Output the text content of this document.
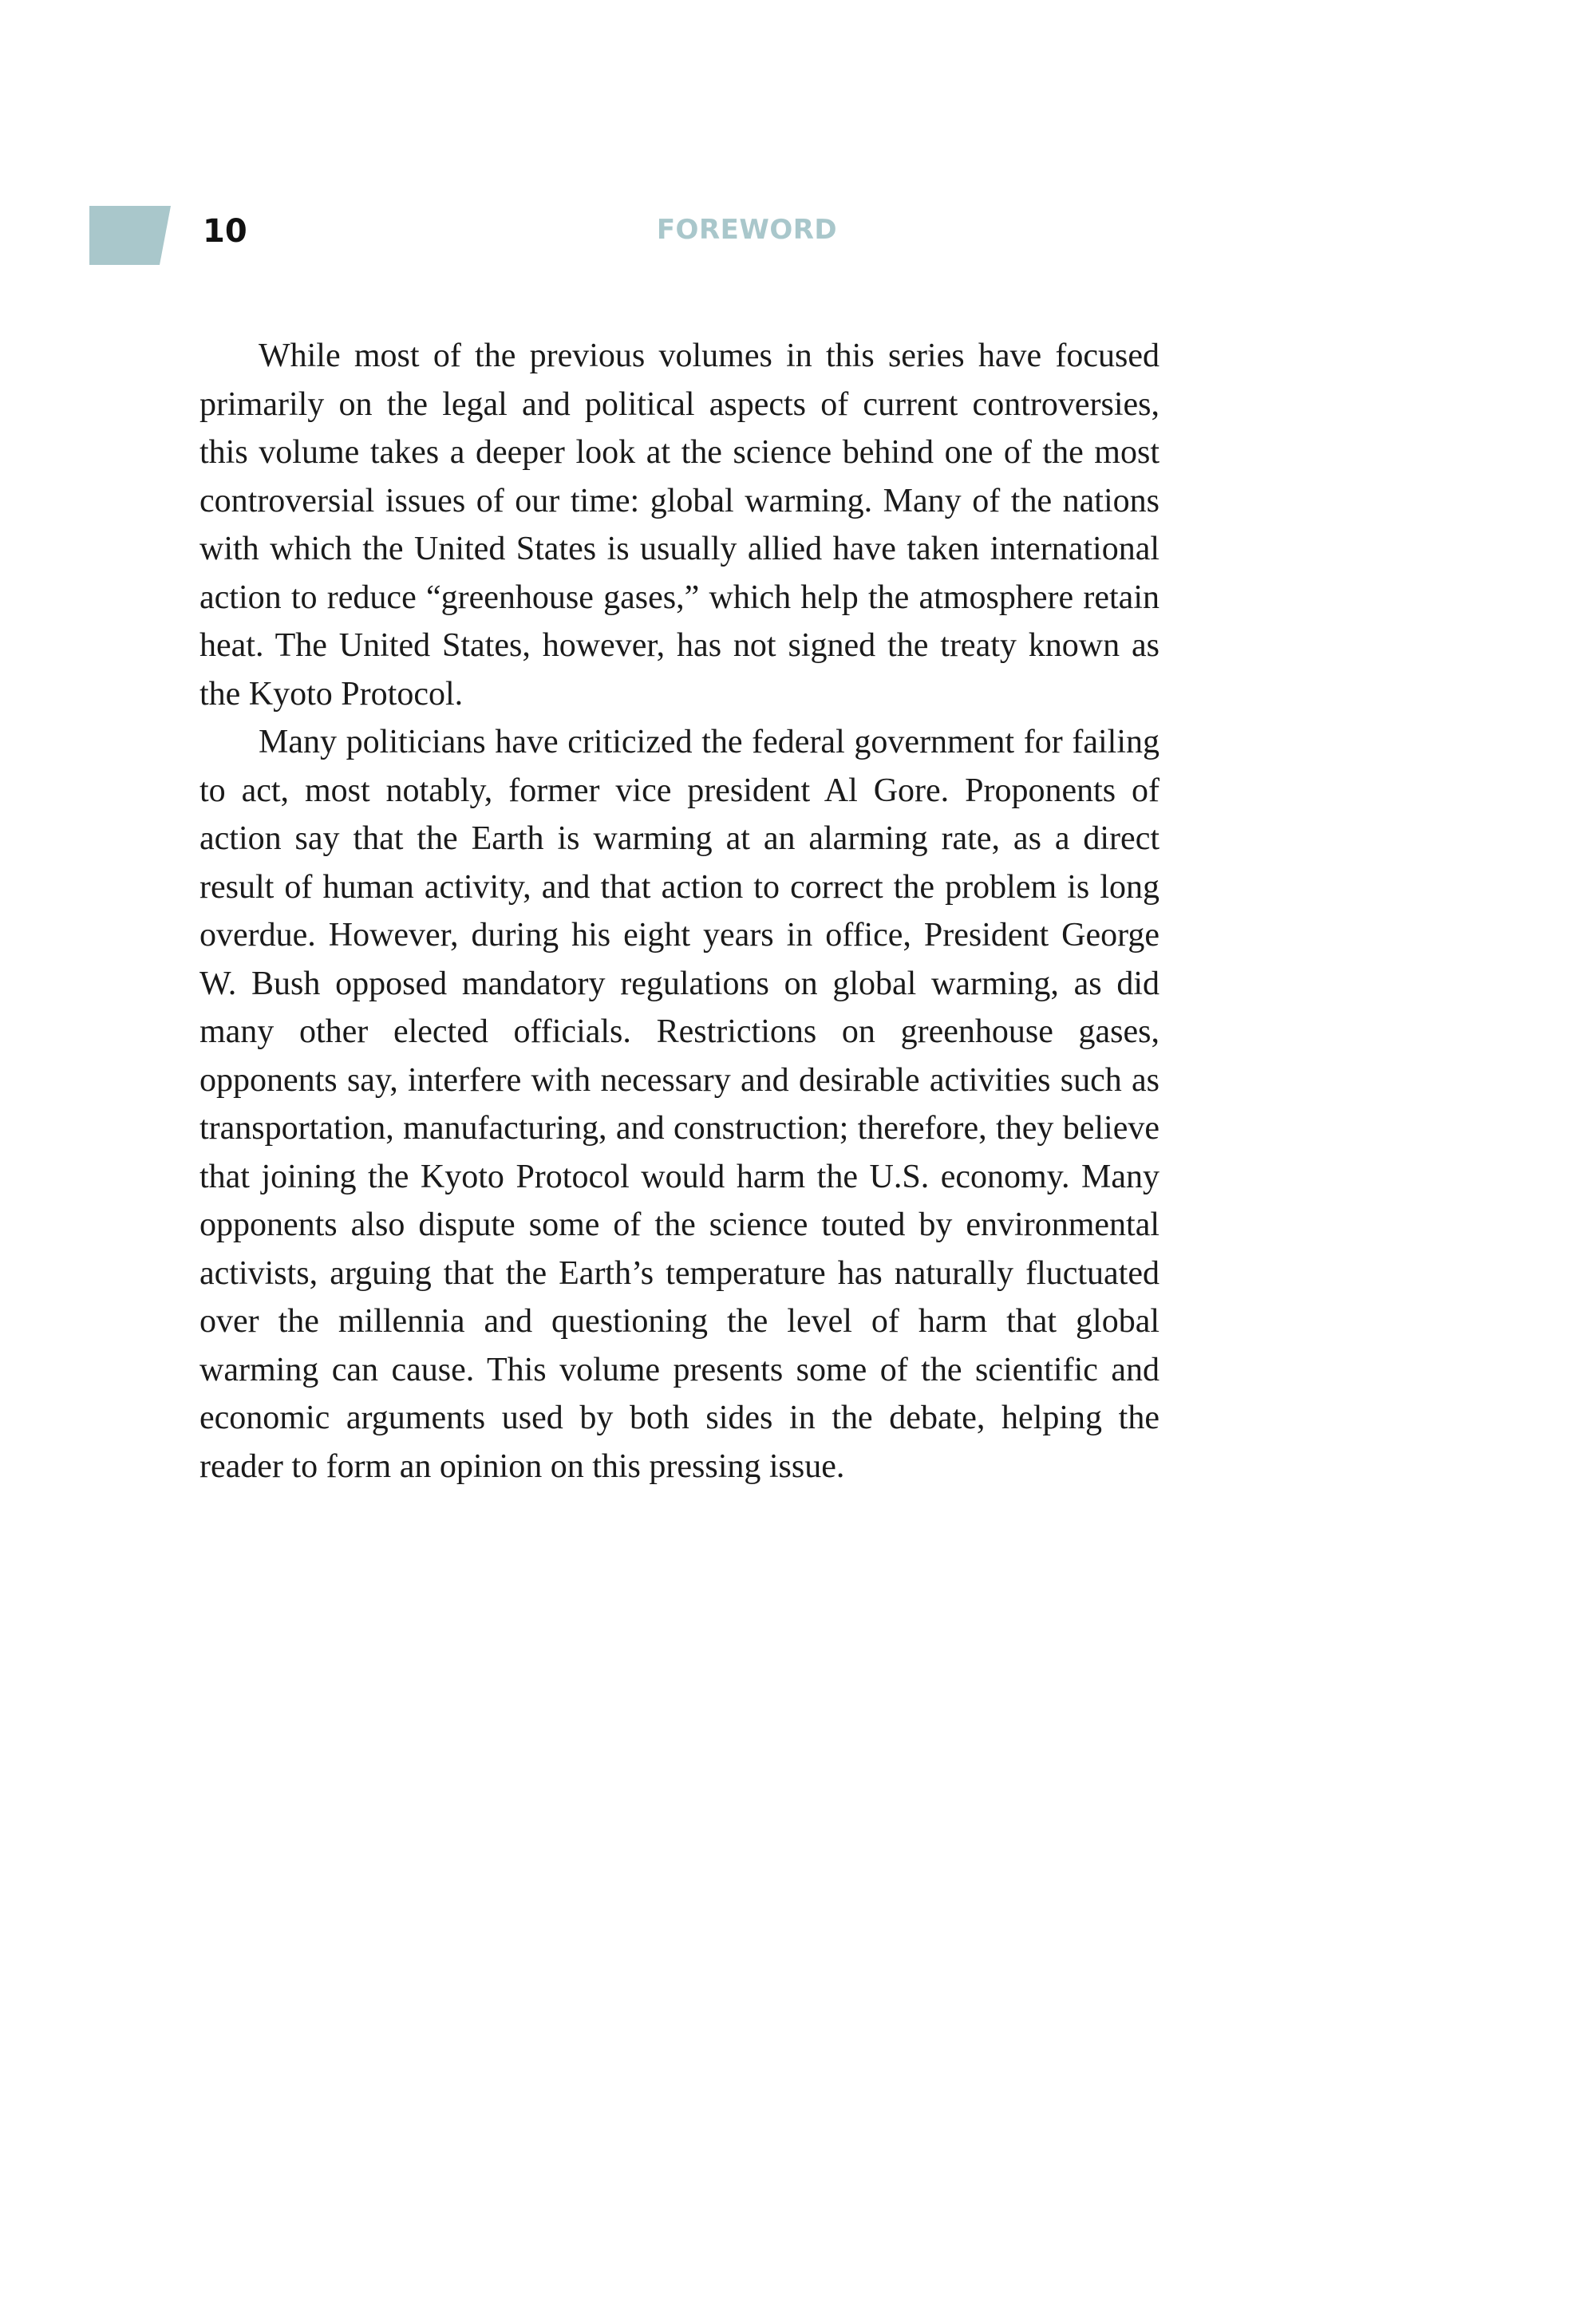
10	FOREWORD

While most of the previous volumes in this series have focused primarily on the legal and political aspects of current controversies, this volume takes a deeper look at the science behind one of the most controversial issues of our time: global warming. Many of the nations with which the United States is usually allied have taken international action to reduce “greenhouse gases,” which help the atmosphere retain heat. The United States, however, has not signed the treaty known as the Kyoto Protocol.

Many politicians have criticized the federal government for failing to act, most notably, former vice president Al Gore. Proponents of action say that the Earth is warming at an alarming rate, as a direct result of human activity, and that action to correct the problem is long overdue. However, during his eight years in office, President George W. Bush opposed mandatory regulations on global warming, as did many other elected officials. Restrictions on greenhouse gases, opponents say, interfere with necessary and desirable activities such as transportation, manufacturing, and construction; therefore, they believe that joining the Kyoto Protocol would harm the U.S. economy. Many opponents also dispute some of the science touted by environmental activists, arguing that the Earth’s temperature has naturally fluctuated over the millennia and questioning the level of harm that global warming can cause. This volume presents some of the scientific and economic arguments used by both sides in the debate, helping the reader to form an opinion on this pressing issue.
